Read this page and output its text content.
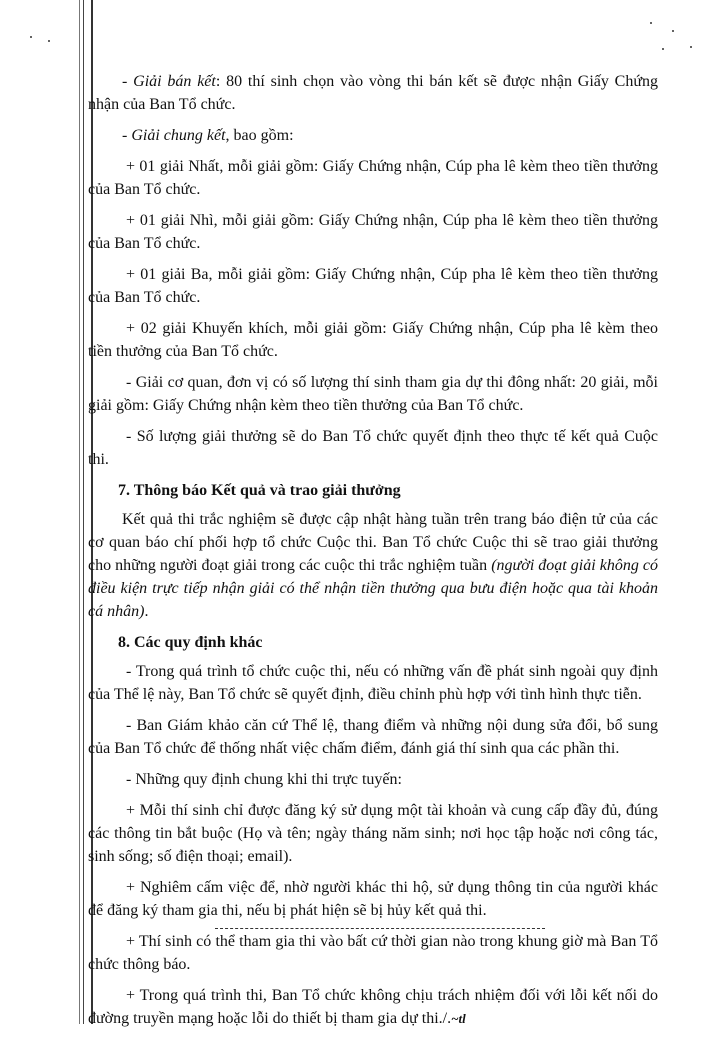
- Giải bán kết: 80 thí sinh chọn vào vòng thi bán kết sẽ được nhận Giấy Chứng nhận của Ban Tổ chức.

- Giải chung kết, bao gồm:

+ 01 giải Nhất, mỗi giải gồm: Giấy Chứng nhận, Cúp pha lê kèm theo tiền thưởng của Ban Tổ chức.

+ 01 giải Nhì, mỗi giải gồm: Giấy Chứng nhận, Cúp pha lê kèm theo tiền thưởng của Ban Tổ chức.

+ 01 giải Ba, mỗi giải gồm: Giấy Chứng nhận, Cúp pha lê kèm theo tiền thưởng của Ban Tổ chức.

+ 02 giải Khuyến khích, mỗi giải gồm: Giấy Chứng nhận, Cúp pha lê kèm theo tiền thưởng của Ban Tổ chức.

- Giải cơ quan, đơn vị có số lượng thí sinh tham gia dự thi đông nhất: 20 giải, mỗi giải gồm: Giấy Chứng nhận kèm theo tiền thưởng của Ban Tổ chức.

- Số lượng giải thưởng sẽ do Ban Tổ chức quyết định theo thực tế kết quả Cuộc thi.

7. Thông báo Kết quả và trao giải thưởng

Kết quả thi trắc nghiệm sẽ được cập nhật hàng tuần trên trang báo điện tử của các cơ quan báo chí phối hợp tổ chức Cuộc thi. Ban Tổ chức Cuộc thi sẽ trao giải thưởng cho những người đoạt giải trong các cuộc thi trắc nghiệm tuần (người đoạt giải không có điều kiện trực tiếp nhận giải có thể nhận tiền thưởng qua bưu điện hoặc qua tài khoản cá nhân).

8. Các quy định khác

- Trong quá trình tổ chức cuộc thi, nếu có những vấn đề phát sinh ngoài quy định của Thể lệ này, Ban Tổ chức sẽ quyết định, điều chỉnh phù hợp với tình hình thực tiễn.

- Ban Giám khảo căn cứ Thể lệ, thang điểm và những nội dung sửa đổi, bổ sung của Ban Tổ chức để thống nhất việc chấm điểm, đánh giá thí sinh qua các phần thi.

- Những quy định chung khi thi trực tuyến:

+ Mỗi thí sinh chỉ được đăng ký sử dụng một tài khoản và cung cấp đầy đủ, đúng các thông tin bắt buộc (Họ và tên; ngày tháng năm sinh; nơi học tập hoặc nơi công tác, sinh sống; số điện thoại; email).

+ Nghiêm cấm việc để, nhờ người khác thi hộ, sử dụng thông tin của người khác để đăng ký tham gia thi, nếu bị phát hiện sẽ bị hủy kết quả thi.

+ Thí sinh có thể tham gia thi vào bất cứ thời gian nào trong khung giờ mà Ban Tổ chức thông báo.

+ Trong quá trình thi, Ban Tổ chức không chịu trách nhiệm đối với lỗi kết nối do đường truyền mạng hoặc lỗi do thiết bị tham gia dự thi./.~tl
